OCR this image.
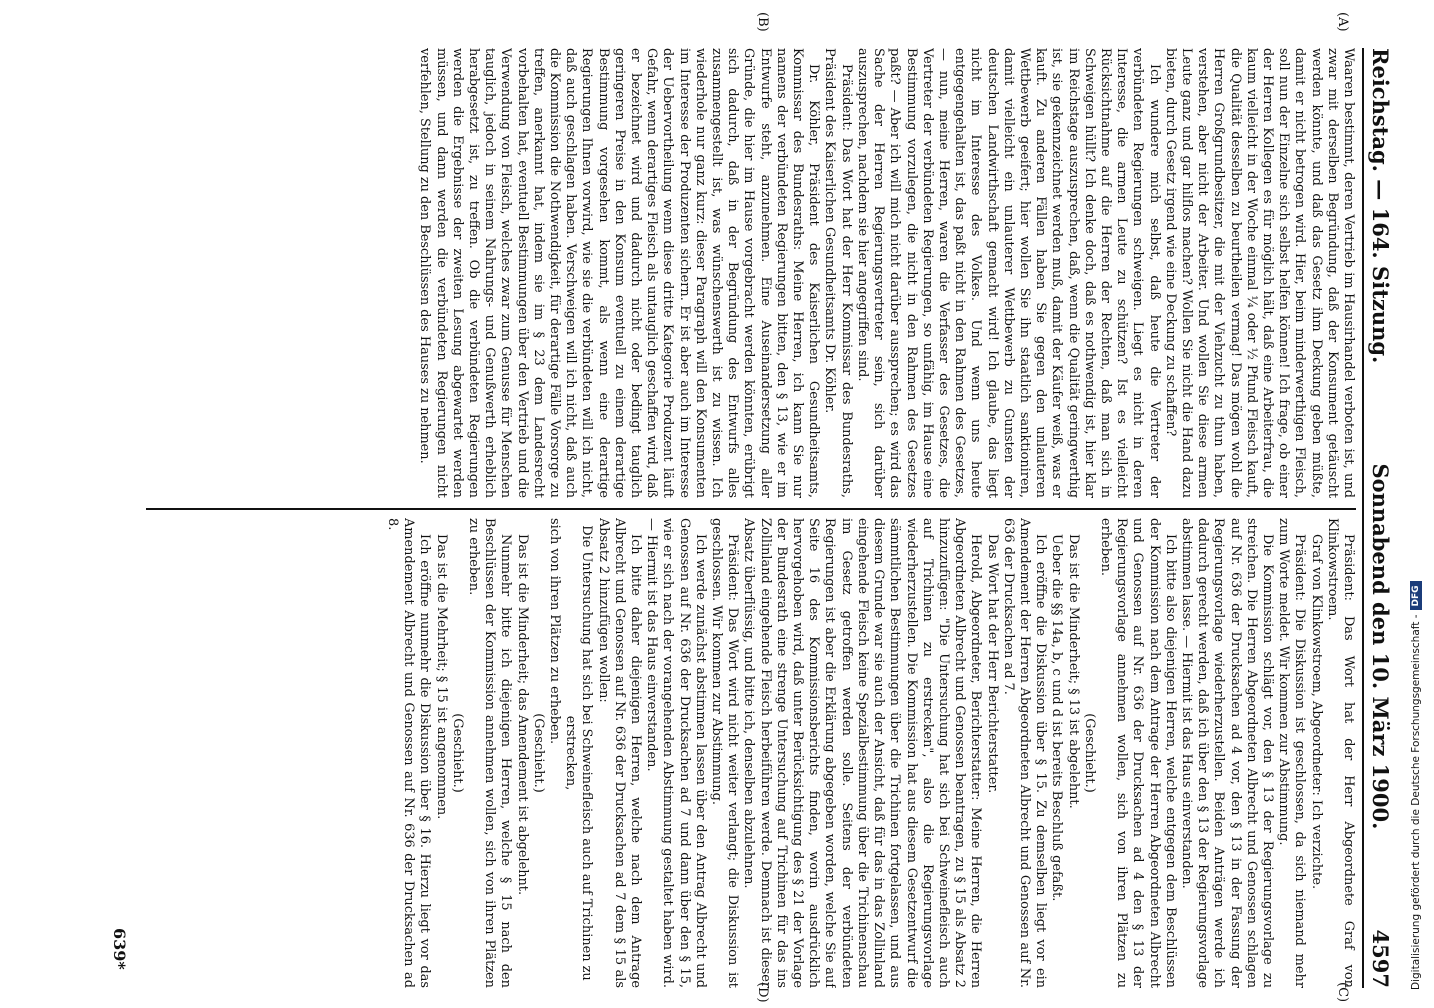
Reichstag. — 164. Sitzung.
Sonnabend den 10. März 1900.
4597
(A)
(B)
(C)
(D)

Waaren bestimmt, deren Vertrieb im Hausirhandel verboten ist, und zwar mit derselben Begründung, daß der Konsument getäuscht werden könnte, und daß das Gesetz ihm Deckung geben müßte, damit er nicht betrogen wird. Hier, beim minderwerthigen Fleisch, soll nun der Einzelne sich selbst helfen können! Ich frage, ob einer der Herren Kollegen es für möglich hält, daß eine Arbeiterfrau, die kaum vielleicht in der Woche einmal ¼ oder ½ Pfund Fleisch kauft, die Qualität desselben zu beurtheilen vermag! Das mögen wohl die Herren Großgrundbesitzer, die mit der Viehzucht zu thun haben, verstehen, aber nicht der Arbeiter. Und wollen Sie diese armen Leute ganz und gar hilflos machen? Wollen Sie nicht die Hand dazu bieten, durch Gesetz irgend wie eine Deckung zu schaffen?

Ich wundere mich selbst, daß heute die Vertreter der verbündeten Regierungen schweigen. Liegt es nicht in deren Interesse, die armen Leute zu schützen? Ist es vielleicht Rücksichtnahme auf die Herren der Rechten, daß man sich in Schweigen hüllt? Ich denke doch, daß es nothwendig ist, hier klar im Reichstage auszusprechen, daß, wenn die Qualität geringwerthig ist, sie gekennzeichnet werden muß, damit der Käufer weiß, was er kauft. Zu anderen Fällen haben Sie gegen den unlauteren Wettbewerb geeifert; hier wollen Sie ihn staatlich sanktioniren, damit vielleicht ein unlauterer Wettbewerb zu Gunsten der deutschen Landwirthschaft gemacht wird! Ich glaube, das liegt nicht im Interesse des Volkes. Und wenn uns heute entgegengehalten ist, das paßt nicht in den Rahmen des Gesetzes, — nun, meine Herren, waren die Verfasser des Gesetzes, die Vertreter der verbündeten Regierungen, so unfähig, im Hause eine Bestimmung vorzulegen, die nicht in den Rahmen des Gesetzes paßt? — Aber ich will mich nicht darüber aussprechen; es wird das Sache der Herren Regierungsvertreter sein, sich darüber auszusprechen, nachdem sie hier angegriffen sind.

Präsident: Das Wort hat der Herr Kommissar des Bundesraths, Präsident des Kaiserlichen Gesundheitsamts Dr. Köhler.

Dr. Köhler, Präsident des Kaiserlichen Gesundheitsamts, Kommissar des Bundesraths: Meine Herren, ich kann Sie nur namens der verbündeten Regierungen bitten, den § 13, wie er im Entwurfe steht, anzunehmen. Eine Auseinandersetzung aller Gründe, die hier im Hause vorgebracht werden könnten, erübrigt sich dadurch, daß in der Begründung des Entwurfs alles zusammengestellt ist, was wünschenswerth ist zu wissen. Ich wiederhole nur ganz kurz: dieser Paragraph will den Konsumenten im Interesse der Produzenten sichern. Er ist aber auch im Interesse der Uebervortheilung wenn diese dritte Kategorie Produzent läuft Gefahr, wenn derartiges Fleisch als untauglich geschaffen wird, daß er bezeichnet wird und dadurch nicht oder bedingt tauglich geringeren Preise in den Konsum eventuell zu einem derartige Bestimmung vorgesehen kommt, als wenn eine derartige Regierungen Ihnen vorwird, wie sie die verbündeten will ich nicht, daß auch geschlagen haben. Verschweigen will ich nicht, daß auch die Kommission die Nothwendigkeit, für derartige Fälle Vorsorge zu treffen, anerkannt hat, indem sie im § 23 dem Landesrecht vorbehalten hat, eventuell Bestimmungen über den Vertrieb und die Verwendung von Fleisch, welches zwar zum Genusse für Menschen tauglich, jedoch in seinem Nahrungs- und Genußwerth erheblich herabgesetzt ist, zu treffen. Ob die verbündeten Regierungen werden die Ergebnisse der zweiten Lesung abgewartet werden müssen, und dann werden die verbündeten Regierungen nicht verfehlen, Stellung zu den Beschlüssen des Hauses zu nehmen.

Präsident: Das Wort hat der Herr Abgeordnete Graf von Klinkowstroem.

Graf von Klinkowstroem, Abgeordneter: Ich verzichte.

Präsident: Die Diskussion ist geschlossen, da sich niemand mehr zum Worte meldet. Wir kommen zur Abstimmung.

Die Kommission schlägt vor, den § 13 der Regierungsvorlage zu streichen. Die Herren Abgeordneten Albrecht und Genossen schlagen auf Nr. 636 der Drucksachen ad 4 vor, den § 13 in der Fassung der Regierungsvorlage wiederherzustellen. Beiden Anträgen werde ich dadurch gerecht werden, daß ich über den § 13 der Regierungsvorlage abstimmen lasse. — Hiermit ist das Haus einverstanden.

Ich bitte also diejenigen Herren, welche entgegen dem Beschlüssen der Kommission nach dem Antrage der Herren Abgeordneten Albrecht und Genossen auf Nr. 636 der Drucksachen ad 4 den § 13 der Regierungsvorlage annehmen wollen, sich von ihren Plätzen zu erheben.

(Geschieht.)

Das ist die Minderheit; § 13 ist abgelehnt.

Ueber die §§ 14a, b, c und d ist bereits Beschluß gefaßt.

Ich eröffne die Diskussion über § 15. Zu demselben liegt vor ein Amendement der Herren Abgeordneten Albrecht und Genossen auf Nr. 636 der Drucksachen ad 7.

Das Wort hat der Herr Berichterstatter.

Herold, Abgeordneter, Berichterstatter: Meine Herren, die Herren Abgeordneten Albrecht und Genossen beantragen, zu § 15 als Absatz 2 hinzuzufügen: "Die Untersuchung hat sich bei Schweinefleisch auch auf Trichinen zu erstrecken", also die Regierungsvorlage wiederherzustellen. Die Kommission hat aus diesem Gesetzentwurf die sämmtlichen Bestimmungen über die Trichinen fortgelassen, und aus diesem Grunde war sie auch der Ansicht, daß für das in das Zollinland eingehende Fleisch keine Spezialbestimmung über die Trichinenschau im Gesetz getroffen werden solle. Seitens der verbündeten Regierungen ist aber die Erklärung abgegeben worden, welche Sie auf Seite 16 des Kommissionsberichts finden, worin ausdrücklich hervorgehoben wird, daß unter Berücksichtigung des § 21 der Vorlage der Bundesrath eine strenge Untersuchung auf Trichinen für das ins Zollinland eingehende Fleisch herbeiführen werde. Demnach ist dieser Absatz überflüssig, und bitte ich, denselben abzulehnen.

Präsident: Das Wort wird nicht weiter verlangt; die Diskussion ist geschlossen. Wir kommen zur Abstimmung.

Ich werde zunächst abstimmen lassen über den Antrag Albrecht und Genossen auf Nr. 636 der Drucksachen ad 7 und dann über den § 15, wie er sich nach der vorangehenden Abstimmung gestaltet haben wird. — Hiermit ist das Haus einverstanden.

Ich bitte daher diejenigen Herren, welche nach dem Antrage Albrecht und Genossen auf Nr. 636 der Drucksachen ad 7 dem § 15 als Absatz 2 hinzufügen wollen:

Die Untersuchung hat sich bei Schweinefleisch auch auf Trichinen zu erstrecken,

sich von ihren Plätzen zu erheben.

(Geschieht.)

Das ist die Minderheit; das Amendement ist abgelehnt.

Nunmehr bitte ich diejenigen Herren, welche § 15 nach den Beschlüssen der Kommission annehmen wollen, sich von ihren Plätzen zu erheben.

(Geschieht.)

Das ist die Mehrheit; § 15 ist angenommen.

Ich eröffne nunmehr die Diskussion über § 16. Hierzu liegt vor das Amendement Albrecht und Genossen auf Nr. 636 der Drucksachen ad 8.

639*	Digitalisierung gefördert durch die Deutsche Forschungsgemeinschaft -
DFG
